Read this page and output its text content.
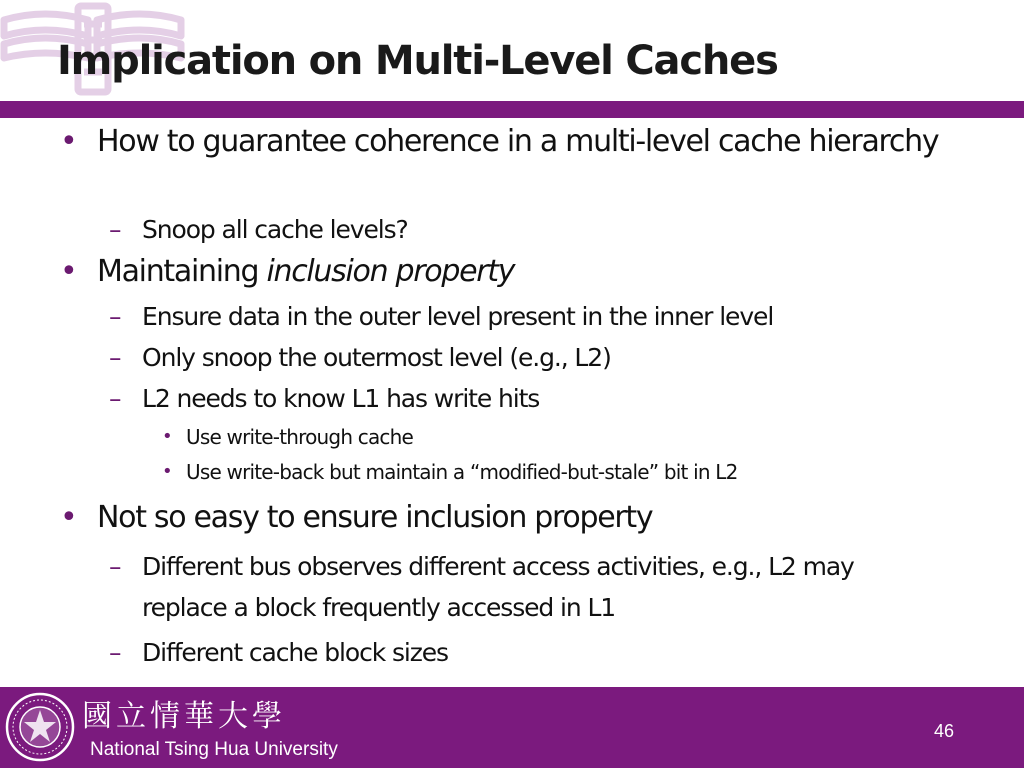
Implication on Multi-Level Caches
• How to guarantee coherence in a multi-level cache hierarchy
– Snoop all cache levels?
• Maintaining inclusion property
– Ensure data in the outer level present in the inner level
– Only snoop the outermost level (e.g., L2)
– L2 needs to know L1 has write hits
• Use write-through cache
• Use write-back but maintain a “modified-but-stale” bit in L2
• Not so easy to ensure inclusion property
– Different bus observes different access activities, e.g., L2 may replace a block frequently accessed in L1
– Different cache block sizes

國立情華大學

National Tsing Hua University

46
